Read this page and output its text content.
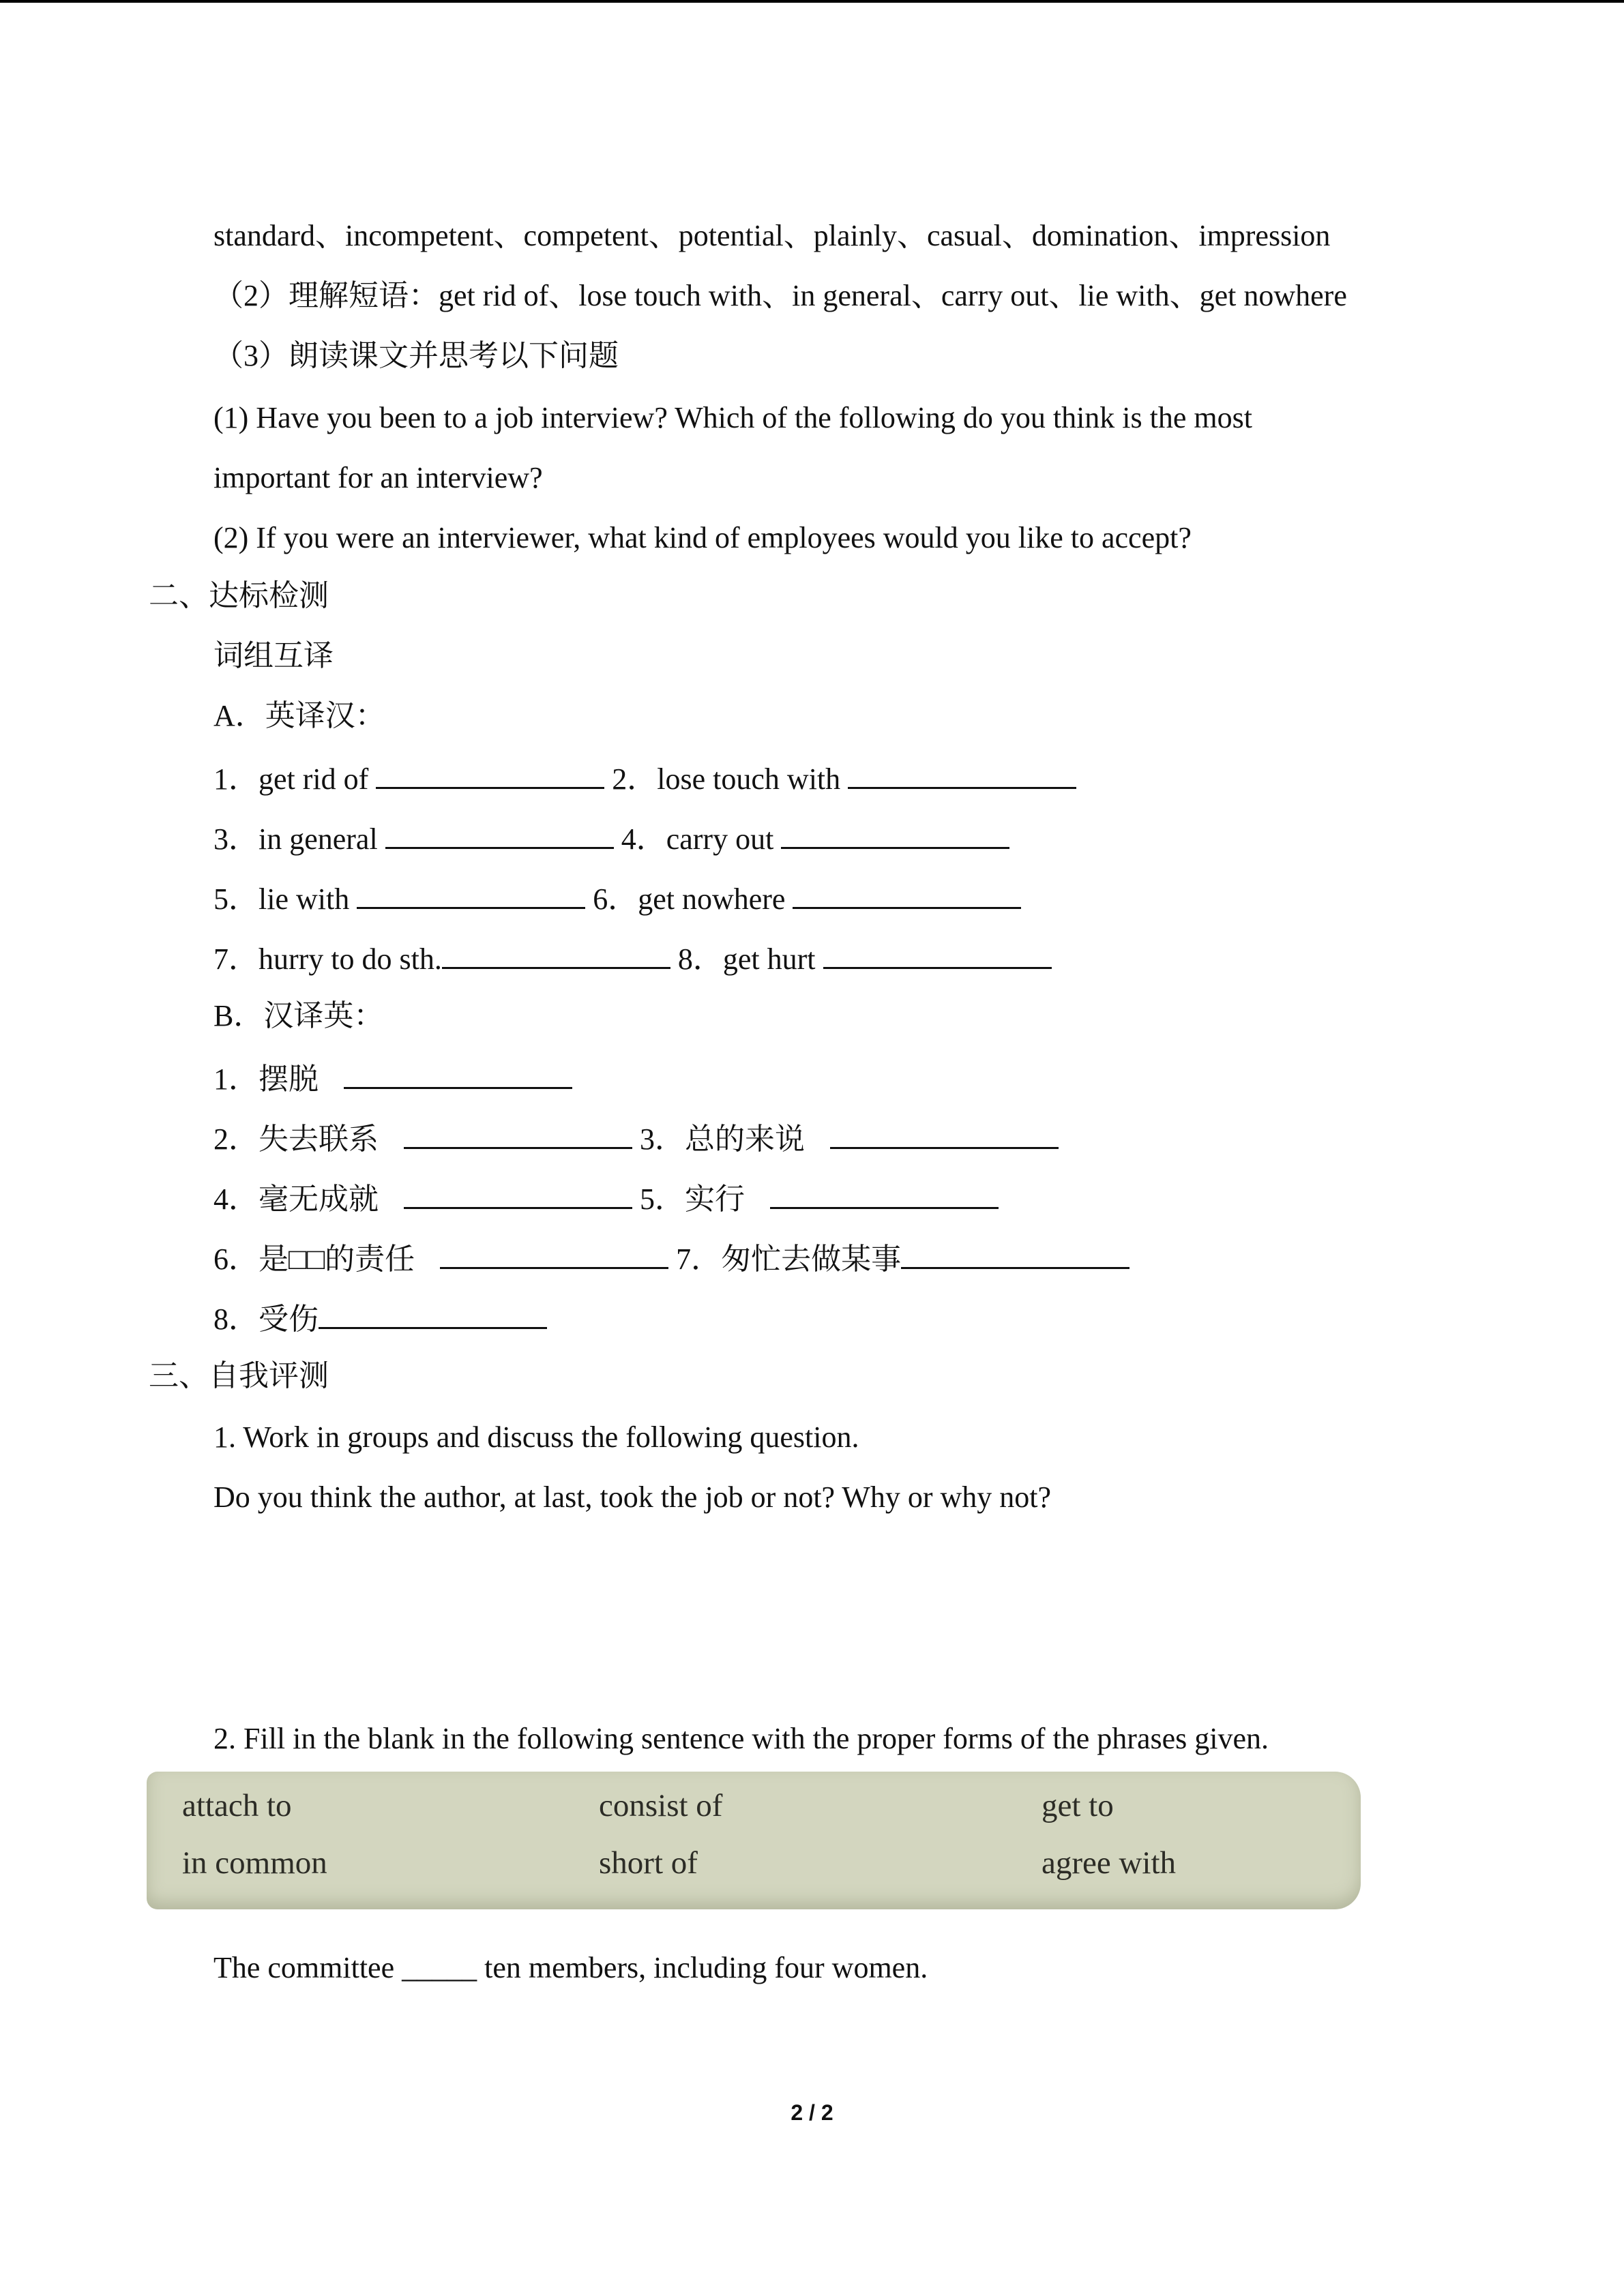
standard、incompetent、competent、potential、plainly、casual、domination、impression
（2）理解短语：get rid of、lose touch with、in general、carry out、lie with、get nowhere
（3）朗读课文并思考以下问题
(1) Have you been to a job interview? Which of the following do you think is the most
important for an interview?
(2) If you were an interviewer, what kind of employees would you like to accept?
二、达标检测
词组互译
A．英译汉：
1．get rid of	2．lose touch with
3．in general	4．carry out
5．lie with	6．get nowhere
7．hurry to do sth.	8．get hurt
B．汉译英：
1．摆脱
2．失去联系	3．总的来说
4．毫无成就	5．实行
6．是□□的责任	7．匆忙去做某事
8．受伤
三、自我评测
1. Work in groups and discuss the following question.
Do you think the author, at last, took the job or not? Why or why not?
2. Fill in the blank in the following sentence with the proper forms of the phrases given.
attach to	consist of	get to
in common	short of	agree with
The committee _____ ten members, including four women.
2 / 2
